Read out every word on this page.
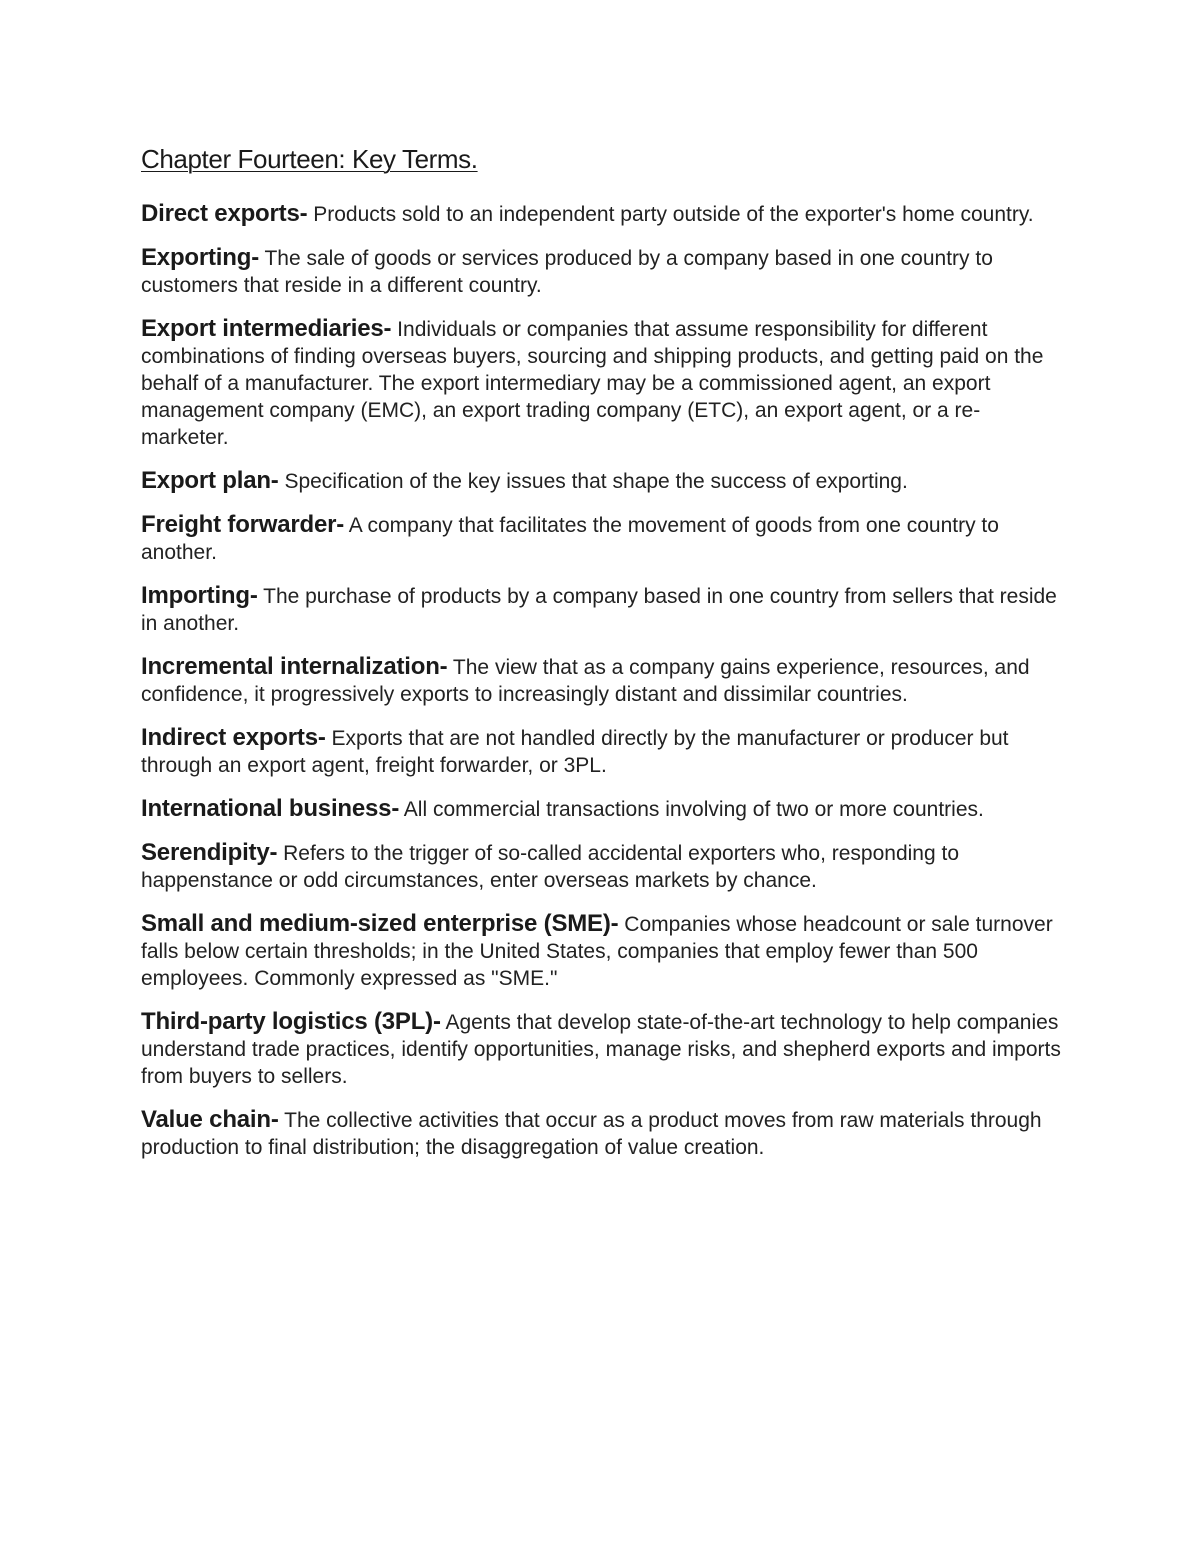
Chapter Fourteen: Key Terms.

Direct exports- Products sold to an independent party outside of the exporter's home country.

Exporting- The sale of goods or services produced by a company based in one country to customers that reside in a different country.

Export intermediaries- Individuals or companies that assume responsibility for different combinations of finding overseas buyers, sourcing and shipping products, and getting paid on the behalf of a manufacturer. The export intermediary may be a commissioned agent, an export management company (EMC), an export trading company (ETC), an export agent, or a re- marketer.

Export plan- Specification of the key issues that shape the success of exporting.

Freight forwarder- A company that facilitates the movement of goods from one country to another.

Importing- The purchase of products by a company based in one country from sellers that reside in another.

Incremental internalization- The view that as a company gains experience, resources, and confidence, it progressively exports to increasingly distant and dissimilar countries.

Indirect exports- Exports that are not handled directly by the manufacturer or producer but through an export agent, freight forwarder, or 3PL.

International business- All commercial transactions involving of two or more countries.

Serendipity- Refers to the trigger of so-called accidental exporters who, responding to happenstance or odd circumstances, enter overseas markets by chance.

Small and medium-sized enterprise (SME)- Companies whose headcount or sale turnover falls below certain thresholds; in the United States, companies that employ fewer than 500 employees. Commonly expressed as "SME."

Third-party logistics (3PL)- Agents that develop state-of-the-art technology to help companies understand trade practices, identify opportunities, manage risks, and shepherd exports and imports from buyers to sellers.

Value chain- The collective activities that occur as a product moves from raw materials through production to final distribution; the disaggregation of value creation.
